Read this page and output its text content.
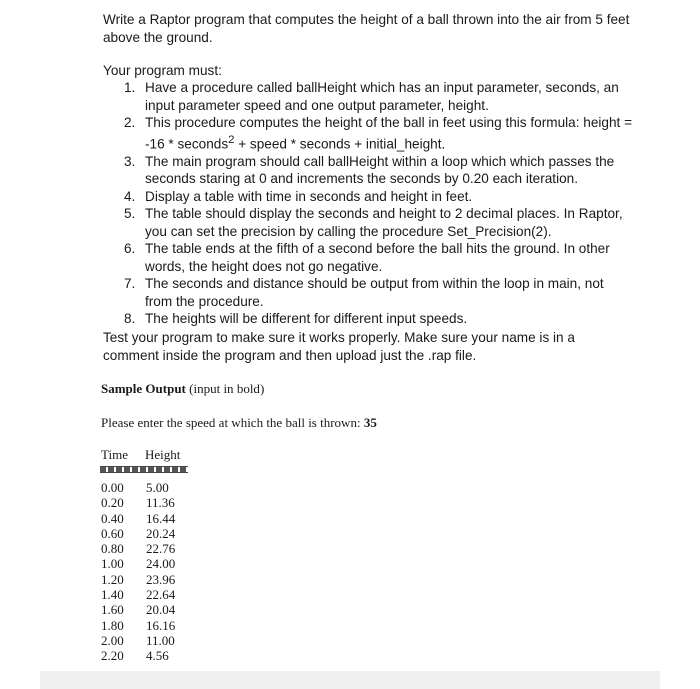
Write a Raptor program that computes the height of a ball thrown into the air from 5 feet above the ground.

Your program must:

1. Have a procedure called ballHeight which has an input parameter, seconds, an input parameter speed and one output parameter, height.
2. This procedure computes the height of the ball in feet using this formula: height = -16 * seconds$^2$ + speed * seconds + initial_height.
3. The main program should call ballHeight within a loop which which passes the seconds staring at 0 and increments the seconds by 0.20 each iteration.
4. Display a table with time in seconds and height in feet.
5. The table should display the seconds and height to 2 decimal places. In Raptor, you can set the precision by calling the procedure Set_Precision(2).
6. The table ends at the fifth of a second before the ball hits the ground. In other words, the height does not go negative.
7. The seconds and distance should be output from within the loop in main, not from the procedure.
8. The heights will be different for different input speeds.

Test your program to make sure it works properly. Make sure your name is in a comment inside the program and then upload just the .rap file.

Sample Output (input in bold)

Please enter the speed at which the ball is thrown: 35

Time Height

0.00	5.00
0.20	11.36
0.40	16.44
0.60	20.24
0.80	22.76
1.00	24.00
1.20	23.96
1.40	22.64
1.60	20.04
1.80	16.16
2.00	11.00
2.20	4.56
